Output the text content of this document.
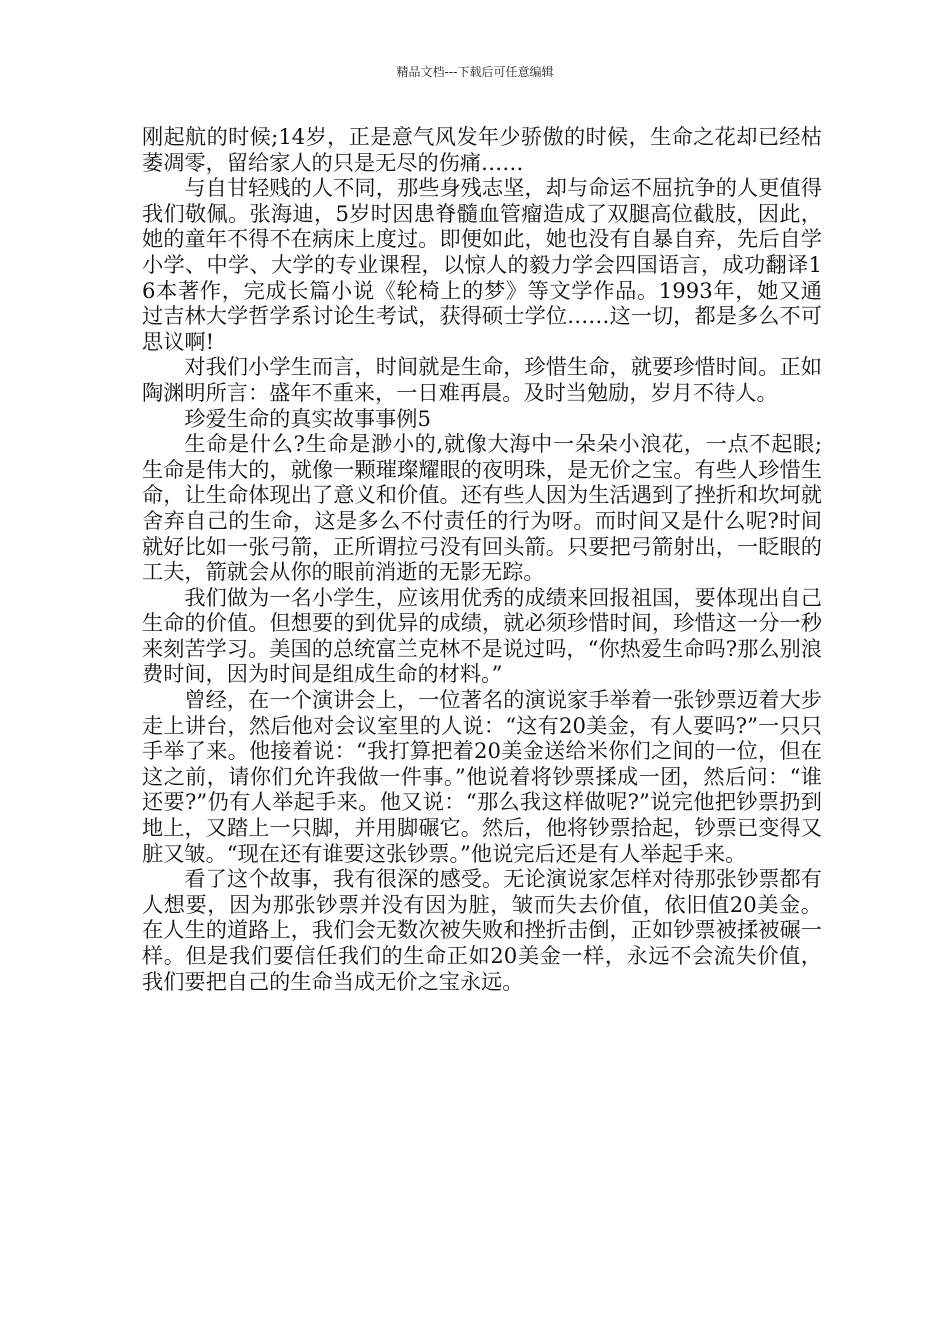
精品文档---下载后可任意编辑

刚起航的时候;14岁，正是意气风发年少骄傲的时候，生命之花却已经枯萎凋零，留给家人的只是无尽的伤痛……

与自甘轻贱的人不同，那些身残志坚，却与命运不屈抗争的人更值得我们敬佩。张海迪，5岁时因患脊髓血管瘤造成了双腿高位截肢，因此，她的童年不得不在病床上度过。即便如此，她也没有自暴自弃，先后自学小学、中学、大学的专业课程，以惊人的毅力学会四国语言，成功翻译16本著作，完成长篇小说《轮椅上的梦》等文学作品。1993年，她又通过吉林大学哲学系讨论生考试，获得硕士学位……这一切，都是多么不可思议啊!

对我们小学生而言，时间就是生命，珍惜生命，就要珍惜时间。正如陶渊明所言：盛年不重来，一日难再晨。及时当勉励，岁月不待人。

珍爱生命的真实故事事例5

生命是什么?生命是渺小的,就像大海中一朵朵小浪花，一点不起眼;生命是伟大的，就像一颗璀璨耀眼的夜明珠，是无价之宝。有些人珍惜生命，让生命体现出了意义和价值。还有些人因为生活遇到了挫折和坎坷就舍弃自己的生命，这是多么不付责任的行为呀。而时间又是什么呢?时间就好比如一张弓箭，正所谓拉弓没有回头箭。只要把弓箭射出，一眨眼的工夫，箭就会从你的眼前消逝的无影无踪。

我们做为一名小学生，应该用优秀的成绩来回报祖国，要体现出自己生命的价值。但想要的到优异的成绩，就必须珍惜时间，珍惜这一分一秒来刻苦学习。美国的总统富兰克林不是说过吗，“你热爱生命吗?那么别浪费时间，因为时间是组成生命的材料。”

曾经，在一个演讲会上，一位著名的演说家手举着一张钞票迈着大步走上讲台，然后他对会议室里的人说：“这有20美金，有人要吗?”一只只手举了来。他接着说：“我打算把着20美金送给米你们之间的一位，但在这之前，请你们允许我做一件事。”他说着将钞票揉成一团，然后问：“谁还要?”仍有人举起手来。他又说：“那么我这样做呢?”说完他把钞票扔到地上，又踏上一只脚，并用脚碾它。然后，他将钞票拾起，钞票已变得又脏又皱。“现在还有谁要这张钞票。”他说完后还是有人举起手来。

看了这个故事，我有很深的感受。无论演说家怎样对待那张钞票都有人想要，因为那张钞票并没有因为脏，皱而失去价值，依旧值20美金。在人生的道路上，我们会无数次被失败和挫折击倒，正如钞票被揉被碾一样。但是我们要信任我们的生命正如20美金一样，永远不会流失价值，我们要把自己的生命当成无价之宝永远。
